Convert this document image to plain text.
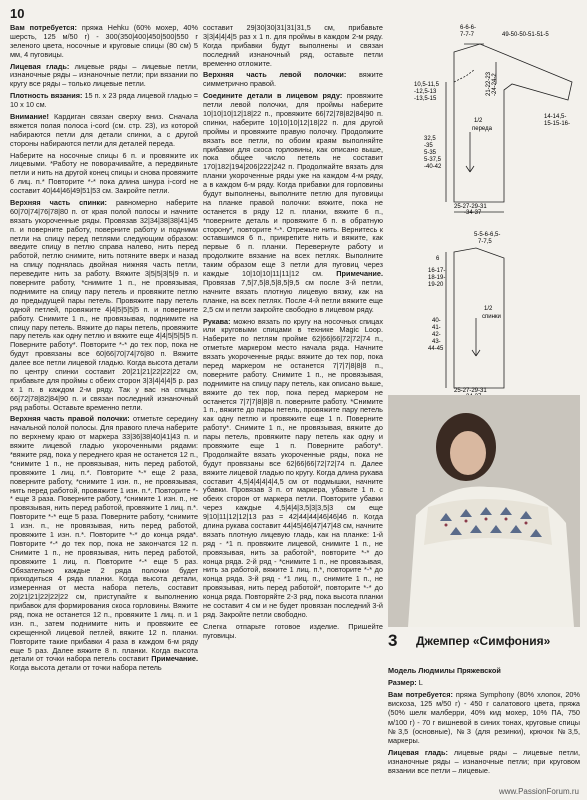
10

Вам потребуется: пряжа Hehku (60% мохер, 40% шерсть, 125 м/50 г) - 300(350|400|450|500|550 г зеленого цвета, носочные и круговые спицы (80 см) 5 мм, 4 пуговицы.

Лицевая гладь: лицевые ряды – лицевые петли, изнаночные ряды – изнаночные петли; при вязании по кругу все ряды – только лицевые петли.

Плотность вязания: 15 п. x 23 ряда лицевой гладью = 10 x 10 см.

Внимание! Кардиган связан сверху вниз. Сначала вяжется полая полоса i-cord (см. стр. 23), из которой набираются петли для детали спинки, а с другой стороны набираются петли для деталей переда.

Наберите на носочные спицы 6 п. и провяжите их лицевыми. *Работу не поворачивайте, а передвиньте петли и нить на другой конец спицы и снова провяжите 6 лиц. п.* Повторите *-* пока длина шнура i-cord не составит 40|44|46|49|51|53 см. Закройте петли.

Верхняя часть спинки: равномерно наберите 60|70|74|76|78|80 п. от края полой полосы и начните вязать укороченные ряды. Провязав 32|34|38|38|41|45 п. и поверните работу, поверните работу и подними петли на спицу перед петлями следующим образом: введите спицу в петлю справа налево, нить перед работой, петлю снимите, нить потяните вверх и назад на спицу поднялась двойная нижняя часть петли, переведите нить за работу. Вяжите 3|5|5|3|5|9 п. и поверните работу, *снимите 1 п., не провязывая, поднимите на спицу пару петель и провяжите петлю до предыдущей пары петель. Провяжите пару петель одной петлей, провяжите 4|4|5|5|5|5 п. и поверните работу. Снимите 1 п., не провязывая, поднимите на спицу пару петель. Вяжите до пары петель, провяжите пару петель как одну петлю и вяжите еще 4|4|5|5|5|5 п. Поверните работу*. Повторите *-* до тех пор, пока не будут провязаны все 60|66|70|74|76|80 п. Вяжите далее все петли лицевой гладью. Когда высота детали по центру спинки составит 20|21|21|22|22|22 см, прибавьте для проймы с обеих сторон 3|3|4|4|4|5 р. раз x 1 п. в каждом 2-м ряду. Так у вас на спицах 66|72|78|82|84|90 п. и связан последний изнаночный ряд работы. Оставьте временно петли.

Верхняя часть правой полочки: отметьте середину начальной полой полосы. Для правого плеча наберите по верхнему краю от маркера 33|36|38|40|41|43 п. и вяжите лицевой гладью укороченными рядами: *вяжите ряд, пока у переднего края не останется 12 п., *снимите 1 п., не провязывая, нить перед работой, провяжите 1 лиц. п.*. Повторите *-* еще 2 раза, поверните работу, *снимите 1 изн. п., не провязывая, нить перед работой, провяжите 1 изн. п.*. Повторите *-* еще 3 раза. Поверните работу, *снимите 1 изн. п., не провязывая, нить перед работой, провяжите 1 лиц. п.*. Повторите *-* еще 5 раза. Поверните работу, *снимите 1 изн. п., не провязывая, нить перед работой, провяжите 1 изн. п.*. Повторите *-* до конца ряда*. Повторите *-* до тех пор, пока не закончатся 12 п. Снимите 1 п., не провязывая, нить перед работой, провяжите 1 лиц. п. Повторите *-* еще 5 раз. Обязательно каждые 2 ряда полочки будет приходиться 4 ряда планки. Когда высота детали, измеренная от места набора петель, составит 20|21|21|22|22|22 см, приступайте к выполнению прибавок для формирования скоса горловины. Вяжите ряд, пока не останется 12 п., провяжите 1 лиц. п. и 1 изн. п., затем поднимите нить и провяжите ее скрещенной лицевой петлей, вяжите 12 п. планки. Повторите такие прибавки 4 раза в каждом 6-м ряду еще 5 раз. Далее вяжите 8 п. планки. Когда высота детали от точки набора петель составит Примечание. Когда высота детали от точки набора петель

составит 29|30|30|31|31|31,5 см, прибавьте 3|3|4|4|4|5 раз x 1 п. для проймы в каждом 2-м ряду. Когда прибавки будут выполнены и связан последний изнаночный ряд, оставьте петли временно отложите.

Верхняя часть левой полочки: вяжите симметрично правой.

Соедините детали в лицевом ряду: провяжите петли левой полочки, для проймы наберите 10|10|10|12|18|22 п., провяжите 66|72|78|82|84|90 п. спинки, наберите 10|10|10|12|18|22 п. для другой проймы и провяжите правую полочку. Продолжите вязать все петли, по обоим краям выполняйте прибавки для скоса горловины, как описано выше, пока общее число петель не составит 170|182|194|206|222|242 п. Продолжайте вязать для планки укороченные ряды уже на каждом 4-м ряду, а в каждом 6-м ряду. Когда прибавки для горловины будут выполнены, выполните петлю для пуговицы на планке правой полочки: вяжите, пока не останется в ряду 12 п. планки, вяжите 6 п., *поверните деталь и провяжите 6 п. в обратную сторону*, повторите *-*. Отрежьте нить. Вернитесь к оставшимся 6 п., прикрепите нить и вяжите, как первые 6 п. планки. Перевернуте работу и продолжите вязание на всех петлях. Выполните таким образом еще 3 петли для пуговиц через каждые 10|10|10|11|11|12 см. Примечание. Провязав 7,5|7,5|8,5|8,5|9,5 см после 3-й петли, начните вязать плотную лицевую вязку, как на планке, на всех петлях. После 4-й петли вяжите еще 2,5 см и петли закройте свободно в лицевом ряду.

Рукава: можно вязать по кругу на носочных спицах или круговыми спицами в технике Magic Loop. Наберите по петлям пройме 62|66|66|72|72|74 п., отметьте маркером место начала ряда. Начните вязать укороченные ряды: вяжите до тех пор, пока перед маркером не останется 7|7|7|8|8|8 п., поверните работу. Снимите 1 п., не провязывая, поднимите на спицу пару петель, как описано выше, вяжите до тех пор, пока перед маркером не останется 7|7|7|8|8|8 п. поверните работу. *Снимите 1 п., вяжите до пары петель, провяжите пару петель как одну петлю и провяжите еще 1 п. Поверните работу*. Снимите 1 п., не провязывая, вяжите до пары петель, провяжите пару петель как одну и провяжите еще 1 п. Поверните работу*. Продолжайте вязать укороченные ряды, пока не будут провязаны все 62|66|66|72|72|74 п. Далее вяжите лицевой гладью по кругу. Когда длина рукава составит 4,5|4|4|4|4|4,5 см от подмышки, начните убавки. Провязав 3 п. от маркера, убавьте 1 п. с обеих сторон от маркера петли. Повторите убавки через каждые 4,5|4|4|3,5|3|3,5|3 см еще 9|10|11|12|12|13 раз = 42|44|44|46|46|46 п. Когда длина рукава составит 44|45|46|47|47|48 см, начните вязать плотную лицевую гладь, как на планке: 1-й ряд - *1 п. провяжите лицевой, снимите 1 п., не провязывая, нить за работой*, повторите *-* до конца ряда. 2-й ряд - *снимите 1 п., не провязывая, нить за работой, вяжите 1 лиц. п.*, повторите *-* до конца ряда. 3-й ряд - *1 лиц. п., снимите 1 п., не провязывая, нить перед работой*, повторите *-* до конца ряда. Повторяйте 2-3 ряд, пока высота планки не составит 4 см и не будет провязан последний 3-й ряд. Закройте петли свободно.

Слегка отпарьте готовое изделие. Пришейте пуговицы.

6-6-6-
7-7-7	49-50-50-51-51-5
10,5-11,5
-12,5-13
-13,5-15
21-22-23 -24-24-2
14-14,5-
15-15-16-
1/2
переда
32,5
-35
5-35
5-37,5
-40-42
25-27-29-31
-34-37
5-5-6-6,5-
7-7,5
6
16-17-
18-19-
19-20
1/2
спинки
40-
41-
42-
43-
44-45
25-27-29-31
3 Джемпер «Симфония»

Модель Людмилы Пряжевской

Размер: L

Вам потребуется: пряжа Symphony (80% хлопок, 20% вискоза, 125 м/50 г) - 450 г салатового цвета, пряжа (50% шелк малберри, 40% кид мохер, 10% ПА, 750 м/100 г) - 70 г вишневой в синих тонах, круговые спицы №3,5 (основные), №3 (для резинки), крючок №3,5, маркеры.

Лицевая гладь: лицевые ряды – лицевые петли, изнаночные ряды – изнаночные петли; при круговом вязании все петли – лицевые.

www.PassionForum.ru
